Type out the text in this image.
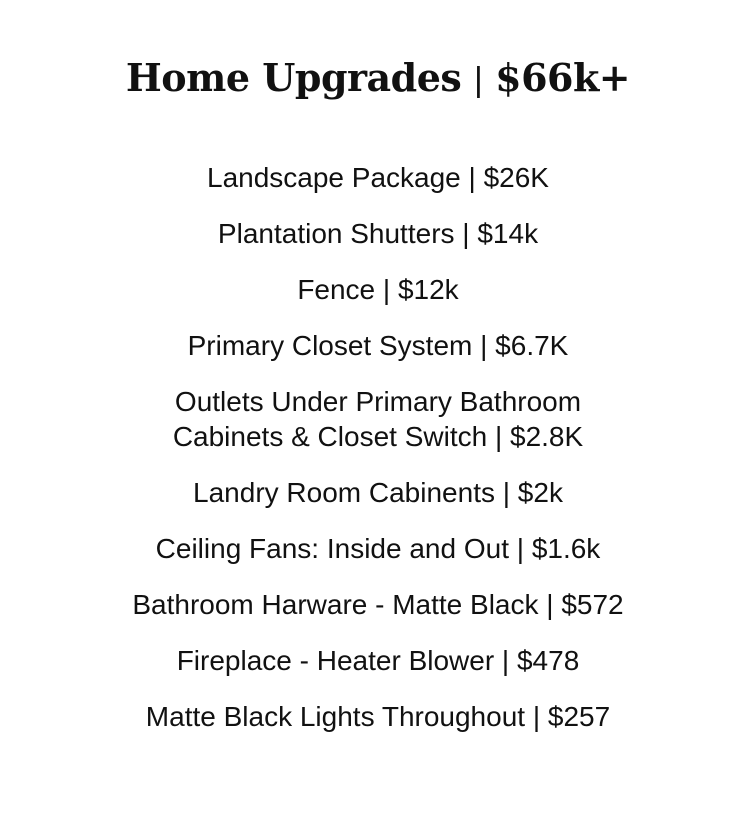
Home Upgrades | $66k+
Landscape Package | $26K
Plantation Shutters | $14k
Fence | $12k
Primary Closet System | $6.7K
Outlets Under Primary Bathroom Cabinets & Closet Switch | $2.8K
Landry Room Cabinents | $2k
Ceiling Fans: Inside and Out | $1.6k
Bathroom Harware - Matte Black | $572
Fireplace - Heater Blower | $478
Matte Black Lights Throughout | $257
